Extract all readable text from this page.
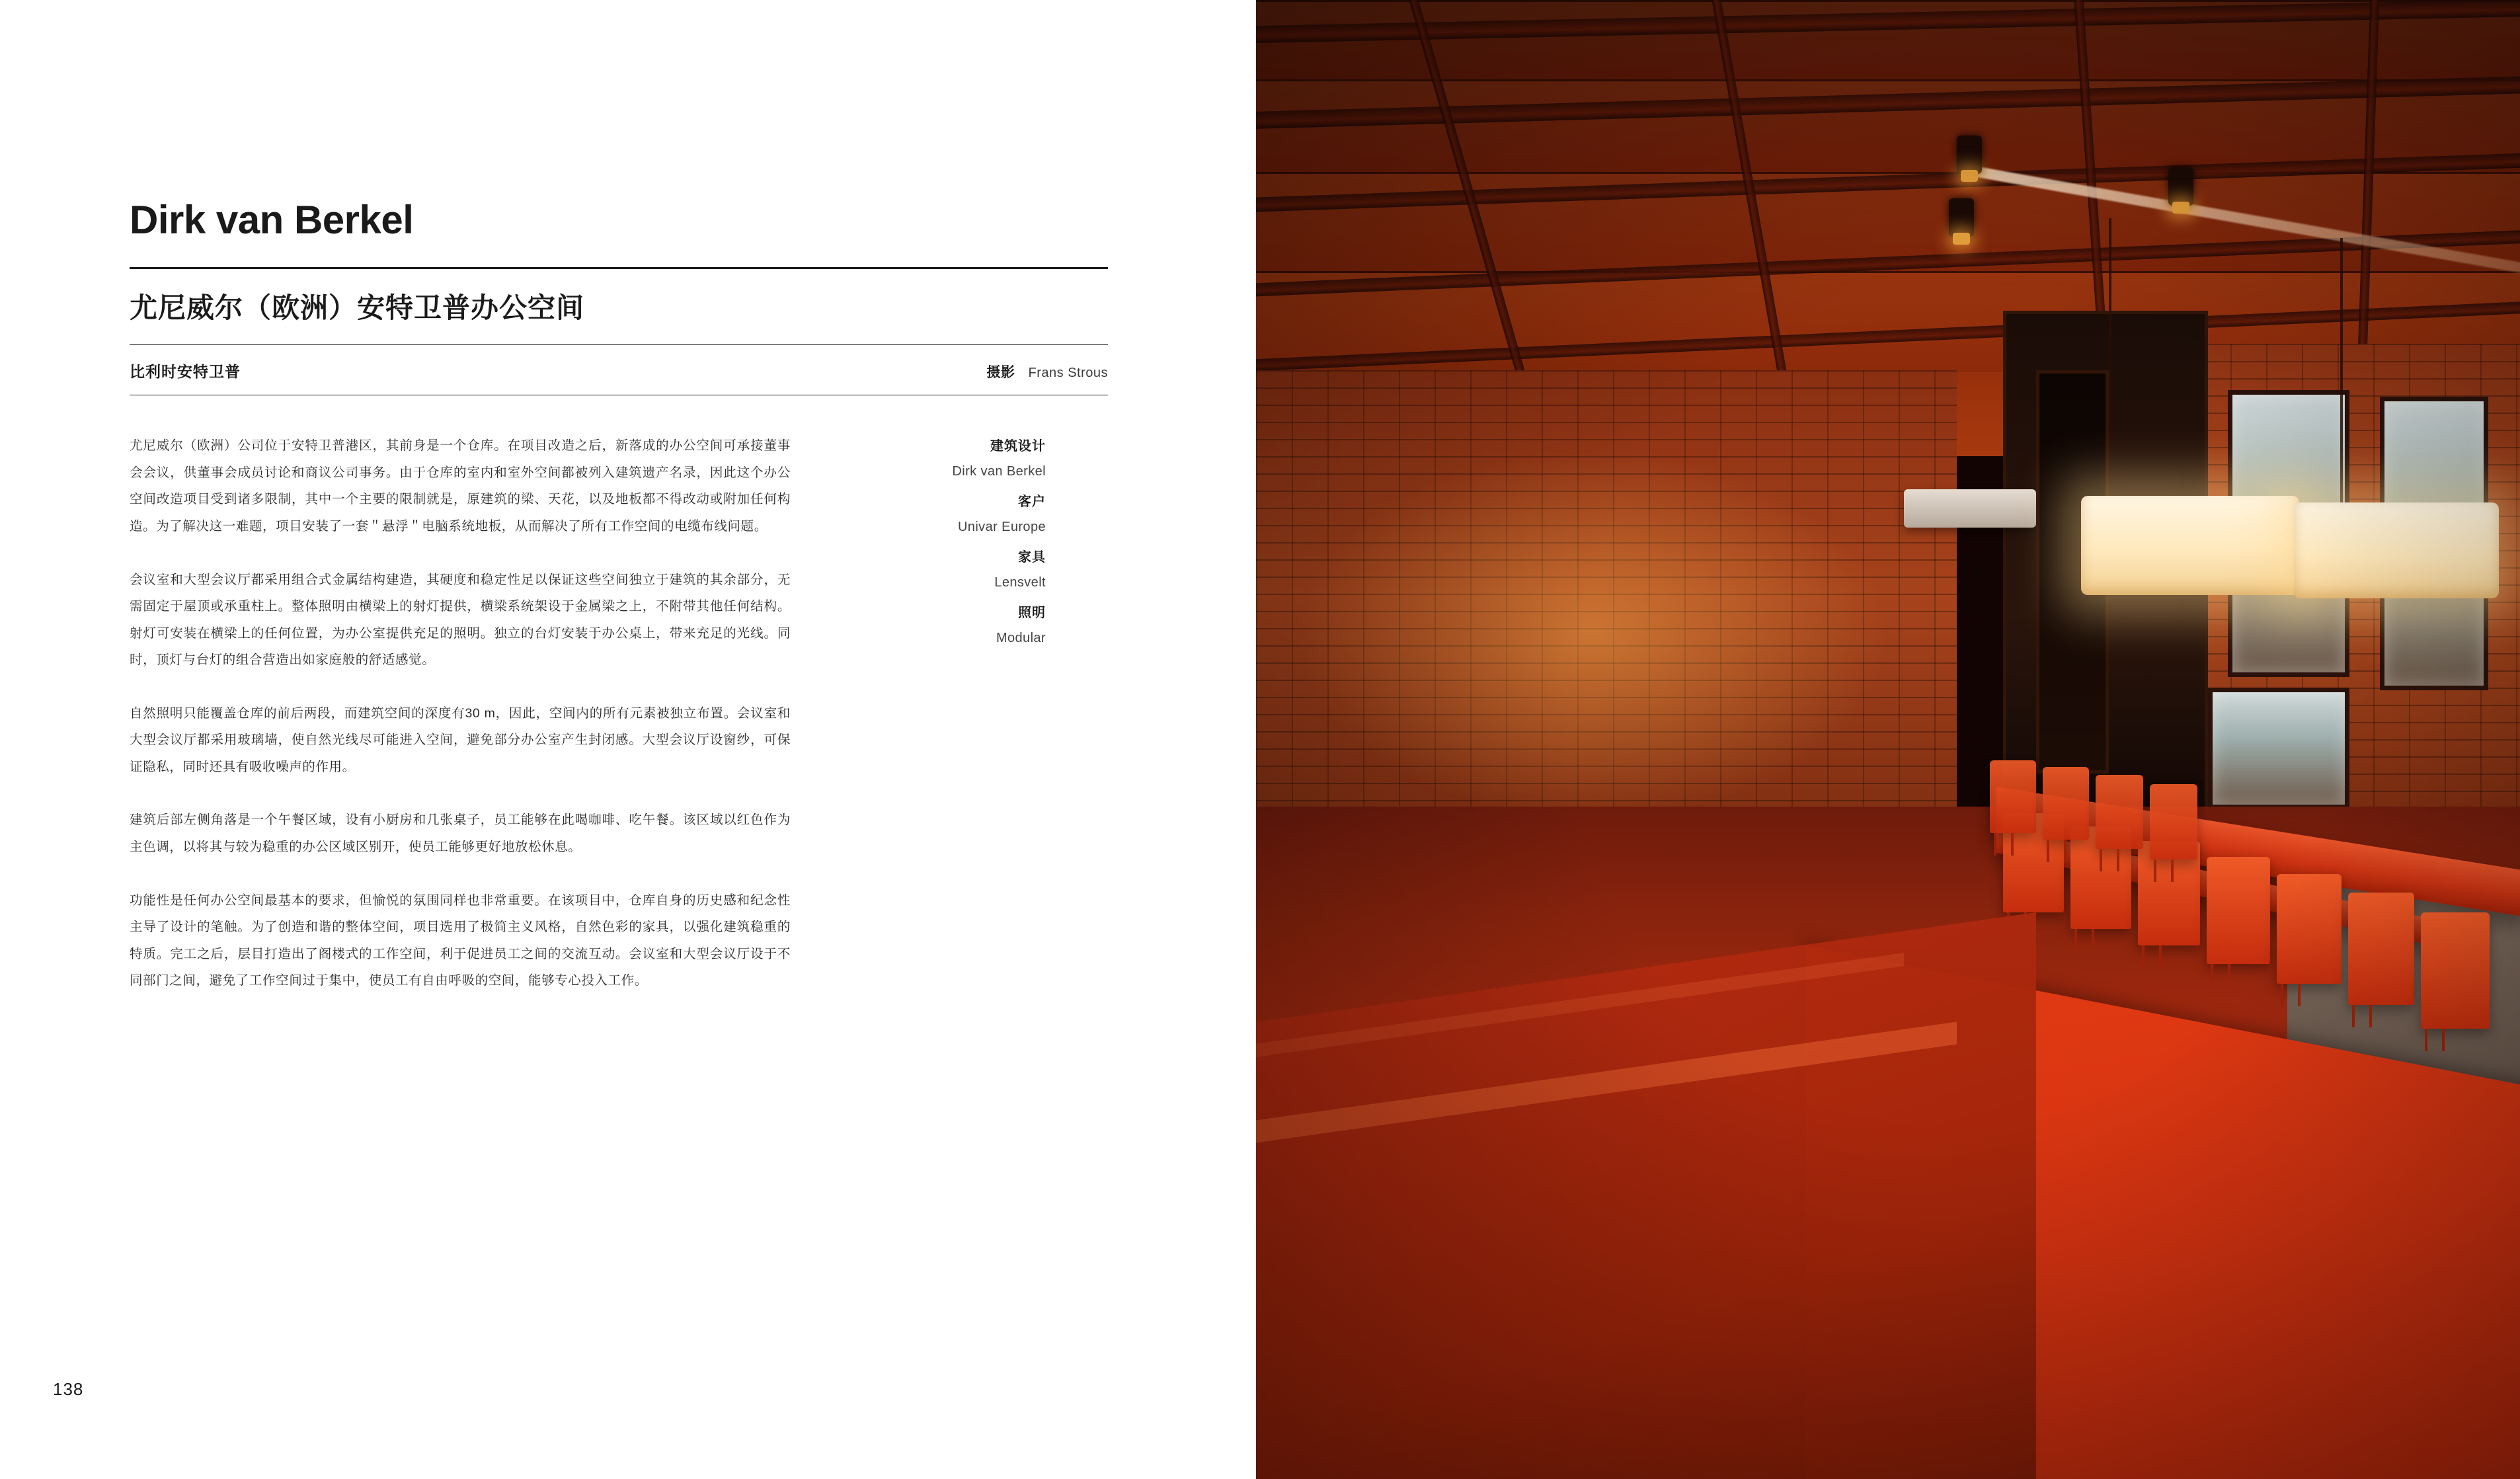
Dirk van Berkel
尤尼威尔（欧洲）安特卫普办公空间
比利时安特卫普	摄影 Frans Strous

尤尼威尔（欧洲）公司位于安特卫普港区，其前身是一个仓库。在项目改造之后，新落成的办公空间可承接董事会会议，供董事会成员讨论和商议公司事务。由于仓库的室内和室外空间都被列入建筑遗产名录，因此这个办公空间改造项目受到诸多限制，其中一个主要的限制就是，原建筑的梁、天花，以及地板都不得改动或附加任何构造。为了解决这一难题，项目安装了一套＂悬浮＂电脑系统地板，从而解决了所有工作空间的电缆布线问题。

会议室和大型会议厅都采用组合式金属结构建造，其硬度和稳定性足以保证这些空间独立于建筑的其余部分，无需固定于屋顶或承重柱上。整体照明由横梁上的射灯提供，横梁系统架设于金属梁之上，不附带其他任何结构。射灯可安装在横梁上的任何位置，为办公室提供充足的照明。独立的台灯安装于办公桌上，带来充足的光线。同时，顶灯与台灯的组合营造出如家庭般的舒适感觉。

自然照明只能覆盖仓库的前后两段，而建筑空间的深度有30 m，因此，空间内的所有元素被独立布置。会议室和大型会议厅都采用玻璃墙，使自然光线尽可能进入空间，避免部分办公室产生封闭感。大型会议厅设窗纱，可保证隐私，同时还具有吸收噪声的作用。

建筑后部左侧角落是一个午餐区域，设有小厨房和几张桌子，员工能够在此喝咖啡、吃午餐。该区域以红色作为主色调，以将其与较为稳重的办公区域区别开，使员工能够更好地放松休息。

功能性是任何办公空间最基本的要求，但愉悦的氛围同样也非常重要。在该项目中，仓库自身的历史感和纪念性主导了设计的笔触。为了创造和谐的整体空间，项目选用了极简主义风格，自然色彩的家具，以强化建筑稳重的特质。完工之后，层目打造出了阁楼式的工作空间，利于促进员工之间的交流互动。会议室和大型会议厅设于不同部门之间，避免了工作空间过于集中，使员工有自由呼吸的空间，能够专心投入工作。

建筑设计
Dirk van Berkel
客户
Univar Europe
家具
Lensvelt
照明
Modular
138
